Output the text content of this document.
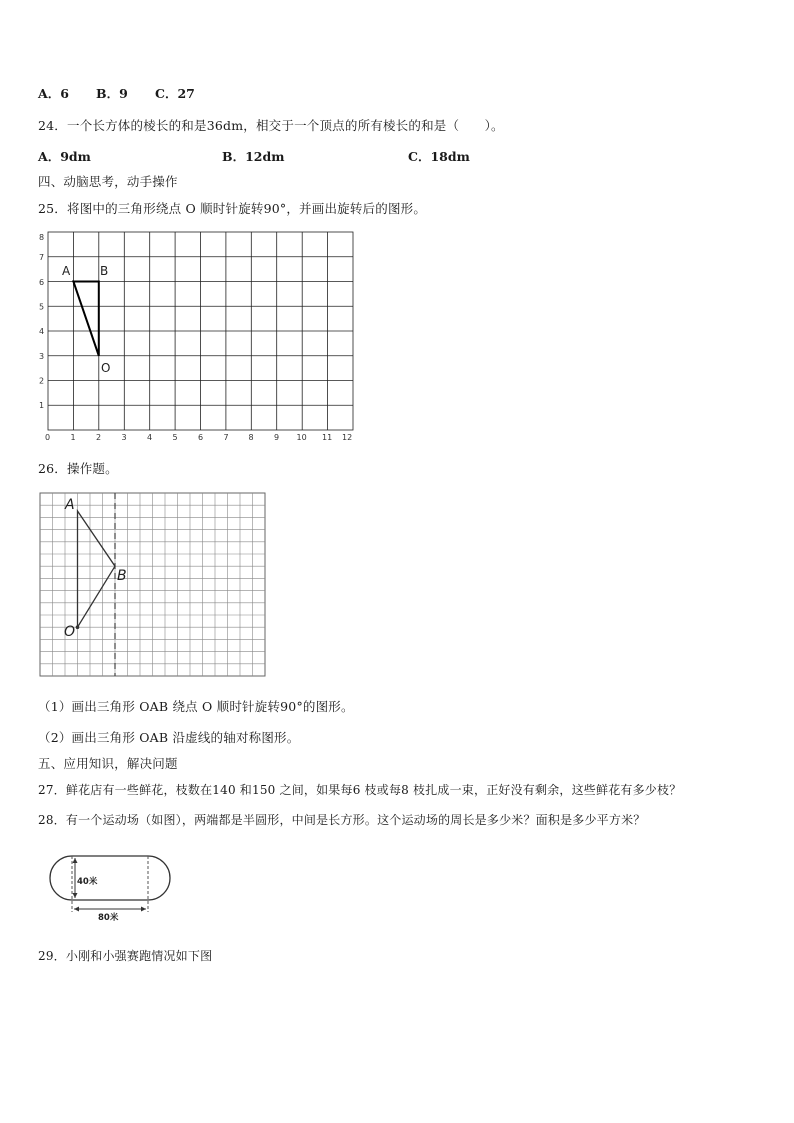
A．6 B．9 C．27
24．一个长方体的棱长的和是36dm，相交于一个顶点的所有棱长的和是（　　）。
A．9dm	B．12dm	C．18dm
四、动脑思考，动手操作
25．将图中的三角形绕点 O 顺时针旋转90°，并画出旋转后的图形。
0	1	2	3	4	5	6	7 8	9 10 11 12
1
2
3
4
5
6
7
8
A B
O
26．操作题。
A
B
O
（1）画出三角形 OAB 绕点 O 顺时针旋转90°的图形。
（2）画出三角形 OAB 沿虚线的轴对称图形。
五、应用知识，解决问题
27．鲜花店有一些鲜花，枝数在140 和150 之间，如果每6 枝或每8 枝扎成一束，正好没有剩余，这些鲜花有多少枝？
28．有一个运动场（如图），两端都是半圆形，中间是长方形。这个运动场的周长是多少米？面积是多少平方米？
40米
80米
29．小刚和小强赛跑情况如下图
